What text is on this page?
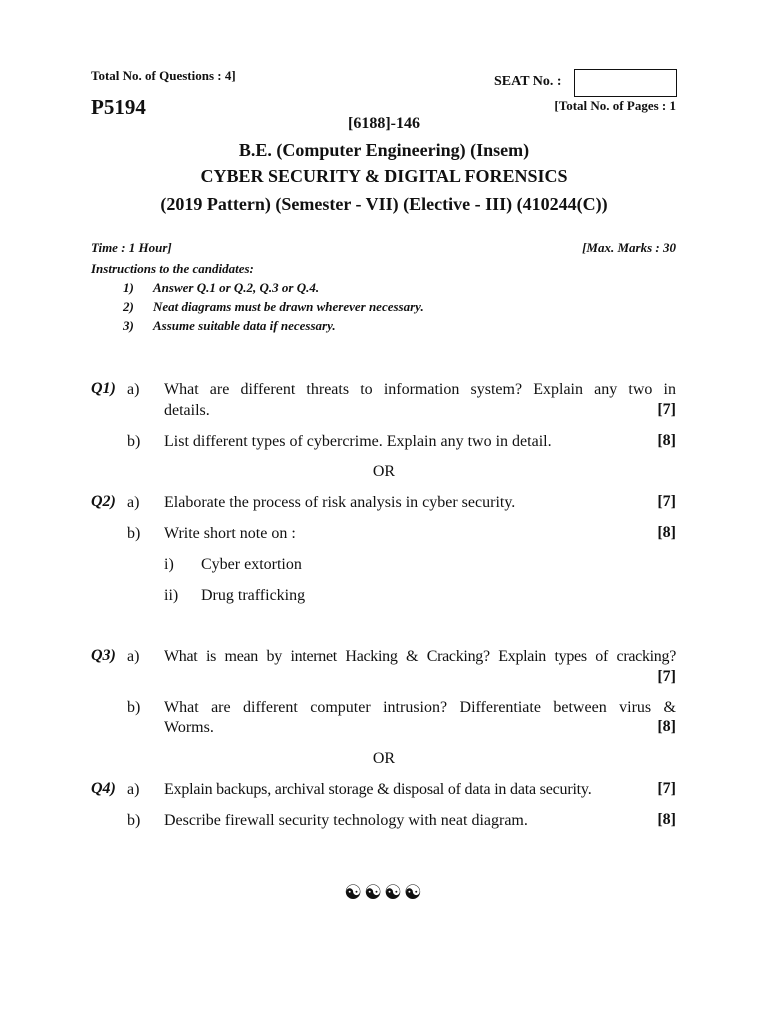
Total No. of Questions : 4]	SEAT No. :
P5194	[Total No. of Pages : 1
[6188]-146
B.E. (Computer Engineering) (Insem)
CYBER SECURITY & DIGITAL FORENSICS
(2019 Pattern) (Semester - VII) (Elective - III) (410244(C))
Time : 1 Hour]	[Max. Marks : 30
Instructions to the candidates:
1) Answer Q.1 or Q.2, Q.3 or Q.4.
2) Neat diagrams must be drawn wherever necessary.
3) Assume suitable data if necessary.
Q1) a) What are different threats to information system? Explain any two in
details.	[7]
b) List different types of cybercrime. Explain any two in detail.	[8]
OR
Q2) a) Elaborate the process of risk analysis in cyber security.	[7]
b) Write short note on :	[8]
i) Cyber extortion
ii) Drug trafficking
Q3) a) What is mean by internet Hacking & Cracking? Explain types of cracking?
[7]
b) What are different computer intrusion? Differentiate between virus &
Worms.	[8]
OR
Q4) a) Explain backups, archival storage & disposal of data in data security.	[7]
b) Describe firewall security technology with neat diagram.	[8]
☯☯☯☯
